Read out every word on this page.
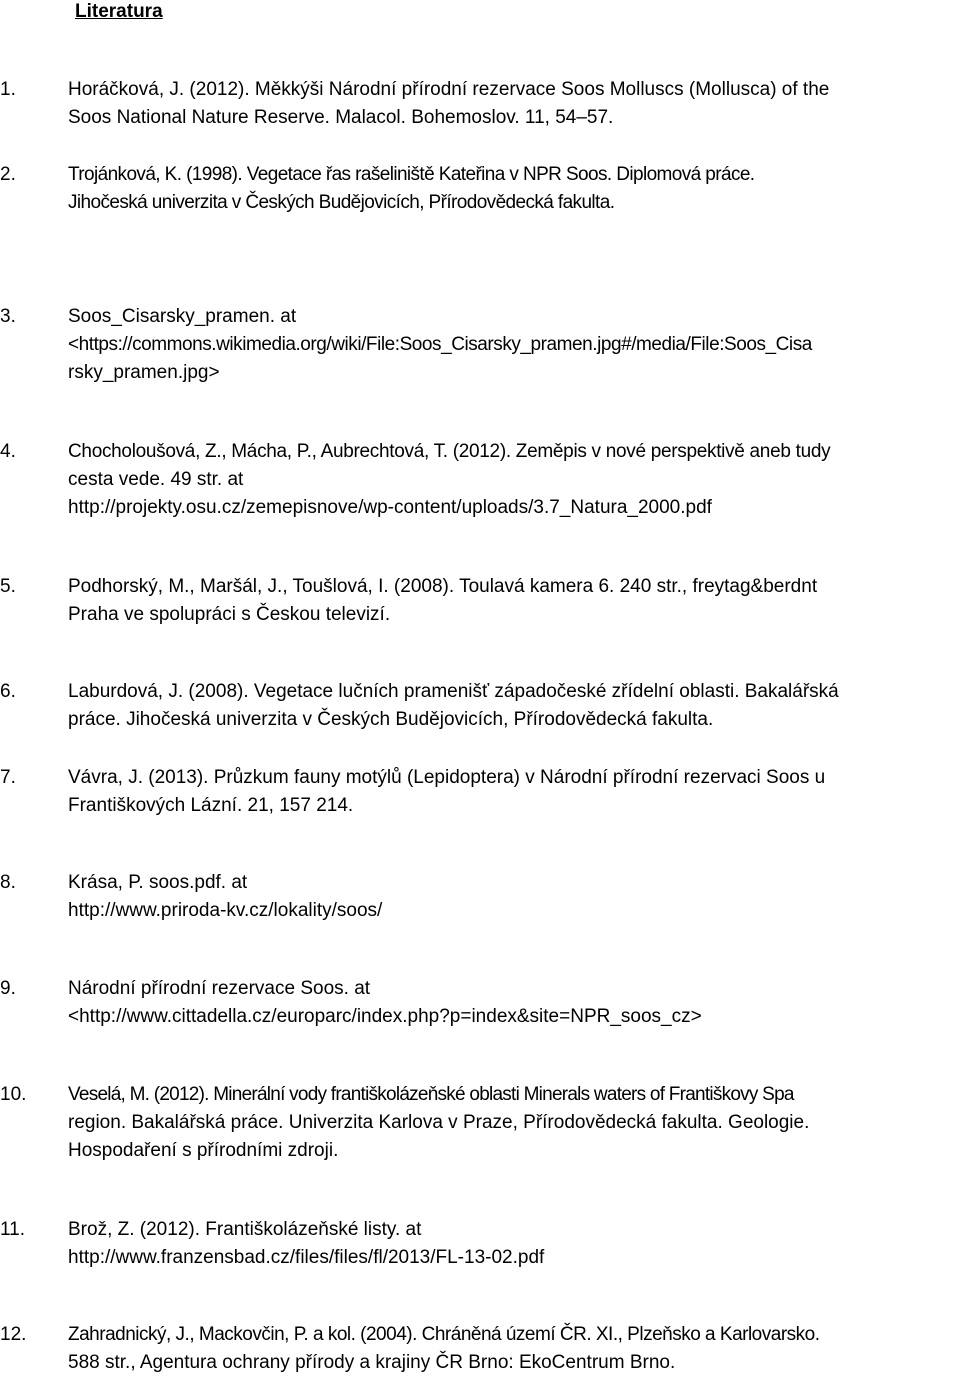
Literatura
1.	Horáčková, J. (2012). Měkkýši Národní přírodní rezervace Soos Molluscs (Mollusca) of the
Soos National Nature Reserve. Malacol. Bohemoslov. 11, 54–57.
2.	Trojánková, K. (1998). Vegetace řas rašeliniště Kateřina v NPR Soos. Diplomová práce.
Jihočeská univerzita v Českých Budějovicích, Přírodovědecká fakulta.
3.	Soos_Cisarsky_pramen. at
<https://commons.wikimedia.org/wiki/File:Soos_Cisarsky_pramen.jpg#/media/File:Soos_Cisa
rsky_pramen.jpg>
4.	Chocholoušová, Z., Mácha, P., Aubrechtová, T. (2012). Zeměpis v nové perspektivě aneb tudy
cesta vede. 49 str. at
http://projekty.osu.cz/zemepisnove/wp-content/uploads/3.7_Natura_2000.pdf
5.	Podhorský, M., Maršál, J., Toušlová, I. (2008). Toulavá kamera 6. 240 str., freytag&berdnt
Praha ve spolupráci s Českou televizí.
6.	Laburdová, J. (2008). Vegetace lučních pramenišť západočeské zřídelní oblasti. Bakalářská
práce. Jihočeská univerzita v Českých Budějovicích, Přírodovědecká fakulta.
7.	Vávra, J. (2013). Průzkum fauny motýlů (Lepidoptera) v Národní přírodní rezervaci Soos u
Františkových Lázní. 21, 157 214.
8.	Krása, P. soos.pdf. at
http://www.priroda-kv.cz/lokality/soos/
9.	Národní přírodní rezervace Soos. at
<http://www.cittadella.cz/europarc/index.php?p=index&site=NPR_soos_cz>
10. Veselá, M. (2012). Minerální vody františkolázeňské oblasti Minerals waters of Františkovy Spa
region. Bakalářská práce. Univerzita Karlova v Praze, Přírodovědecká fakulta. Geologie.
Hospodaření s přírodními zdroji.
11. Brož, Z. (2012). Františkolázeňské listy. at
http://www.franzensbad.cz/files/files/fl/2013/FL-13-02.pdf
12. Zahradnický, J., Mackovčin, P. a kol. (2004). Chráněná území ČR. XI., Plzeňsko a Karlovarsko.
588 str., Agentura ochrany přírody a krajiny ČR Brno: EkoCentrum Brno.
